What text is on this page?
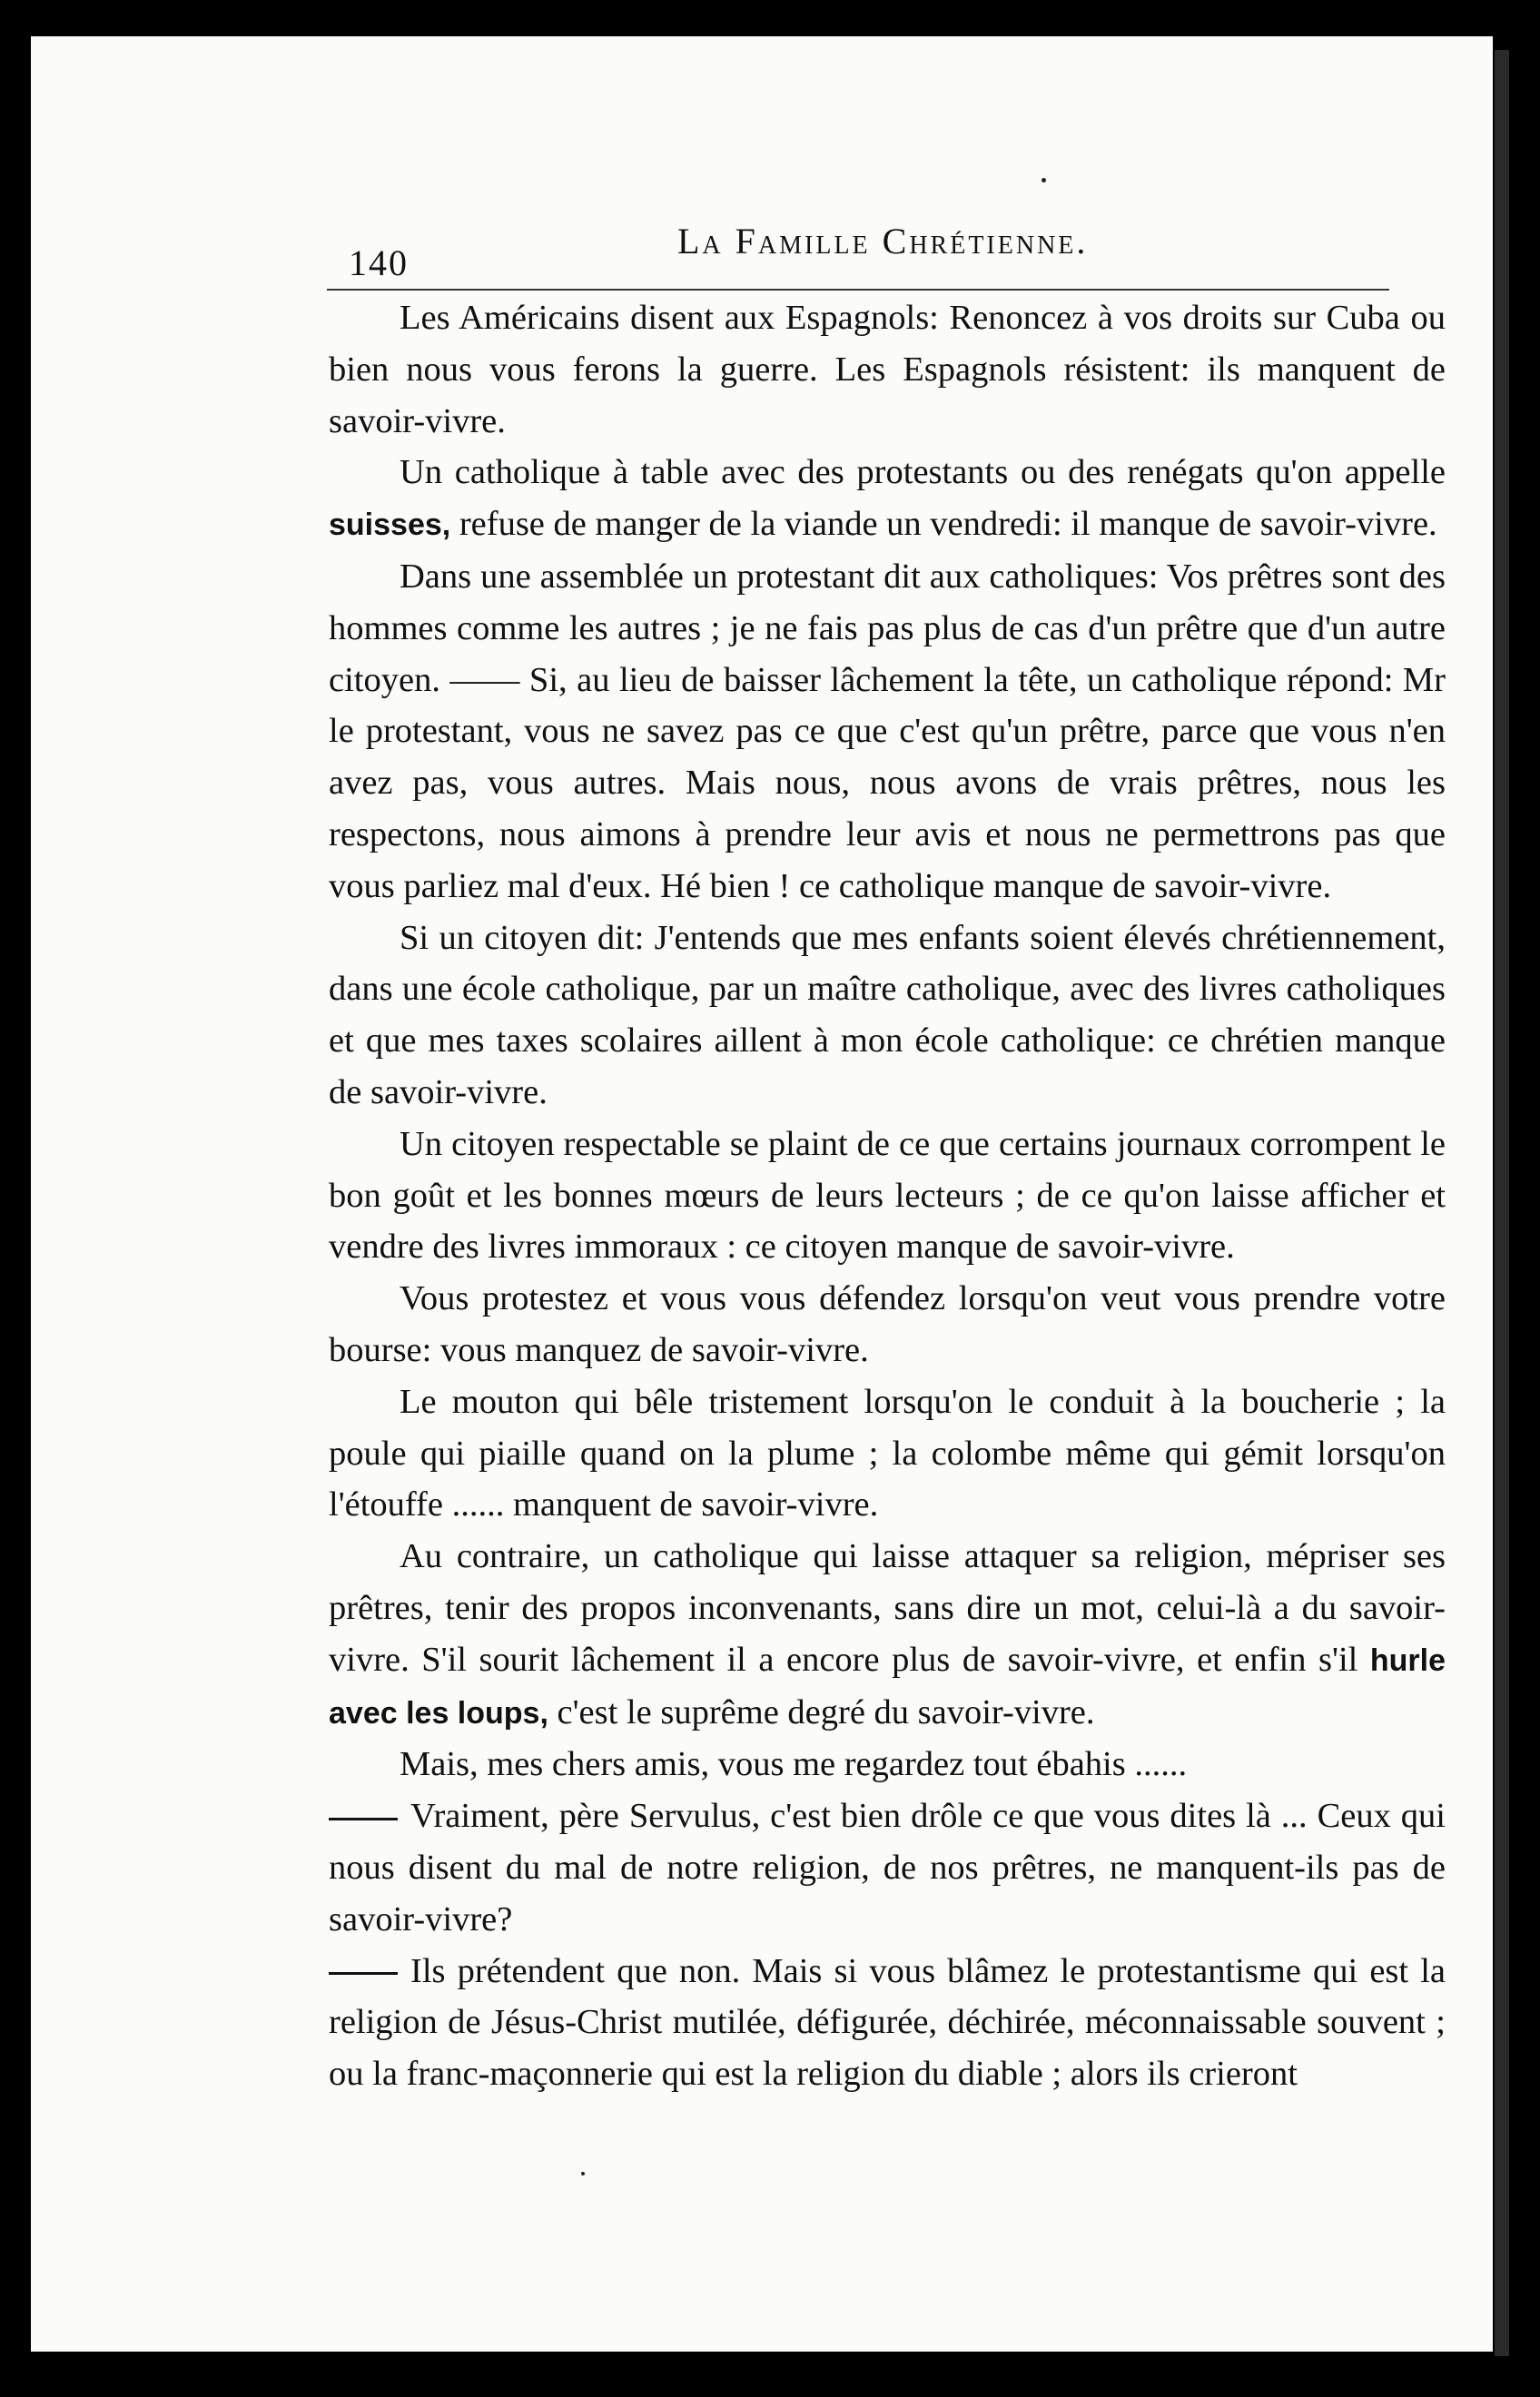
140
La Famille Chrétienne.

Les Américains disent aux Espagnols: Renoncez à vos droits sur Cuba ou bien nous vous ferons la guerre. Les Espagnols résistent: ils manquent de savoir-vivre.

Un catholique à table avec des protestants ou des renégats qu'on appelle suisses, refuse de manger de la viande un vendredi: il manque de savoir-vivre.

Dans une assemblée un protestant dit aux catholiques: Vos prêtres sont des hommes comme les autres ; je ne fais pas plus de cas d'un prêtre que d'un autre citoyen. —— Si, au lieu de baisser lâchement la tête, un catholique répond: Mr le protestant, vous ne savez pas ce que c'est qu'un prêtre, parce que vous n'en avez pas, vous autres. Mais nous, nous avons de vrais prêtres, nous les respectons, nous aimons à prendre leur avis et nous ne permettrons pas que vous parliez mal d'eux. Hé bien ! ce catholique manque de savoir-vivre.

Si un citoyen dit: J'entends que mes enfants soient élevés chrétiennement, dans une école catholique, par un maître catholique, avec des livres catholiques et que mes taxes scolaires aillent à mon école catholique: ce chrétien manque de savoir-vivre.

Un citoyen respectable se plaint de ce que certains journaux corrompent le bon goût et les bonnes mœurs de leurs lecteurs ; de ce qu'on laisse afficher et vendre des livres immoraux : ce citoyen manque de savoir-vivre.

Vous protestez et vous vous défendez lorsqu'on veut vous prendre votre bourse: vous manquez de savoir-vivre.

Le mouton qui bêle tristement lorsqu'on le conduit à la boucherie ; la poule qui piaille quand on la plume ; la colombe même qui gémit lorsqu'on l'étouffe ...... manquent de savoir-vivre.

Au contraire, un catholique qui laisse attaquer sa religion, mépriser ses prêtres, tenir des propos inconvenants, sans dire un mot, celui-là a du savoir-vivre. S'il sourit lâchement il a encore plus de savoir-vivre, et enfin s'il hurle avec les loups, c'est le suprême degré du savoir-vivre.

Mais, mes chers amis, vous me regardez tout ébahis ......

Vraiment, père Servulus, c'est bien drôle ce que vous dites là ... Ceux qui nous disent du mal de notre religion, de nos prêtres, ne manquent-ils pas de savoir-vivre?

Ils prétendent que non. Mais si vous blâmez le protestantisme qui est la religion de Jésus-Christ mutilée, défigurée, déchirée, méconnaissable souvent ; ou la franc-maçonnerie qui est la religion du diable ; alors ils crieront
